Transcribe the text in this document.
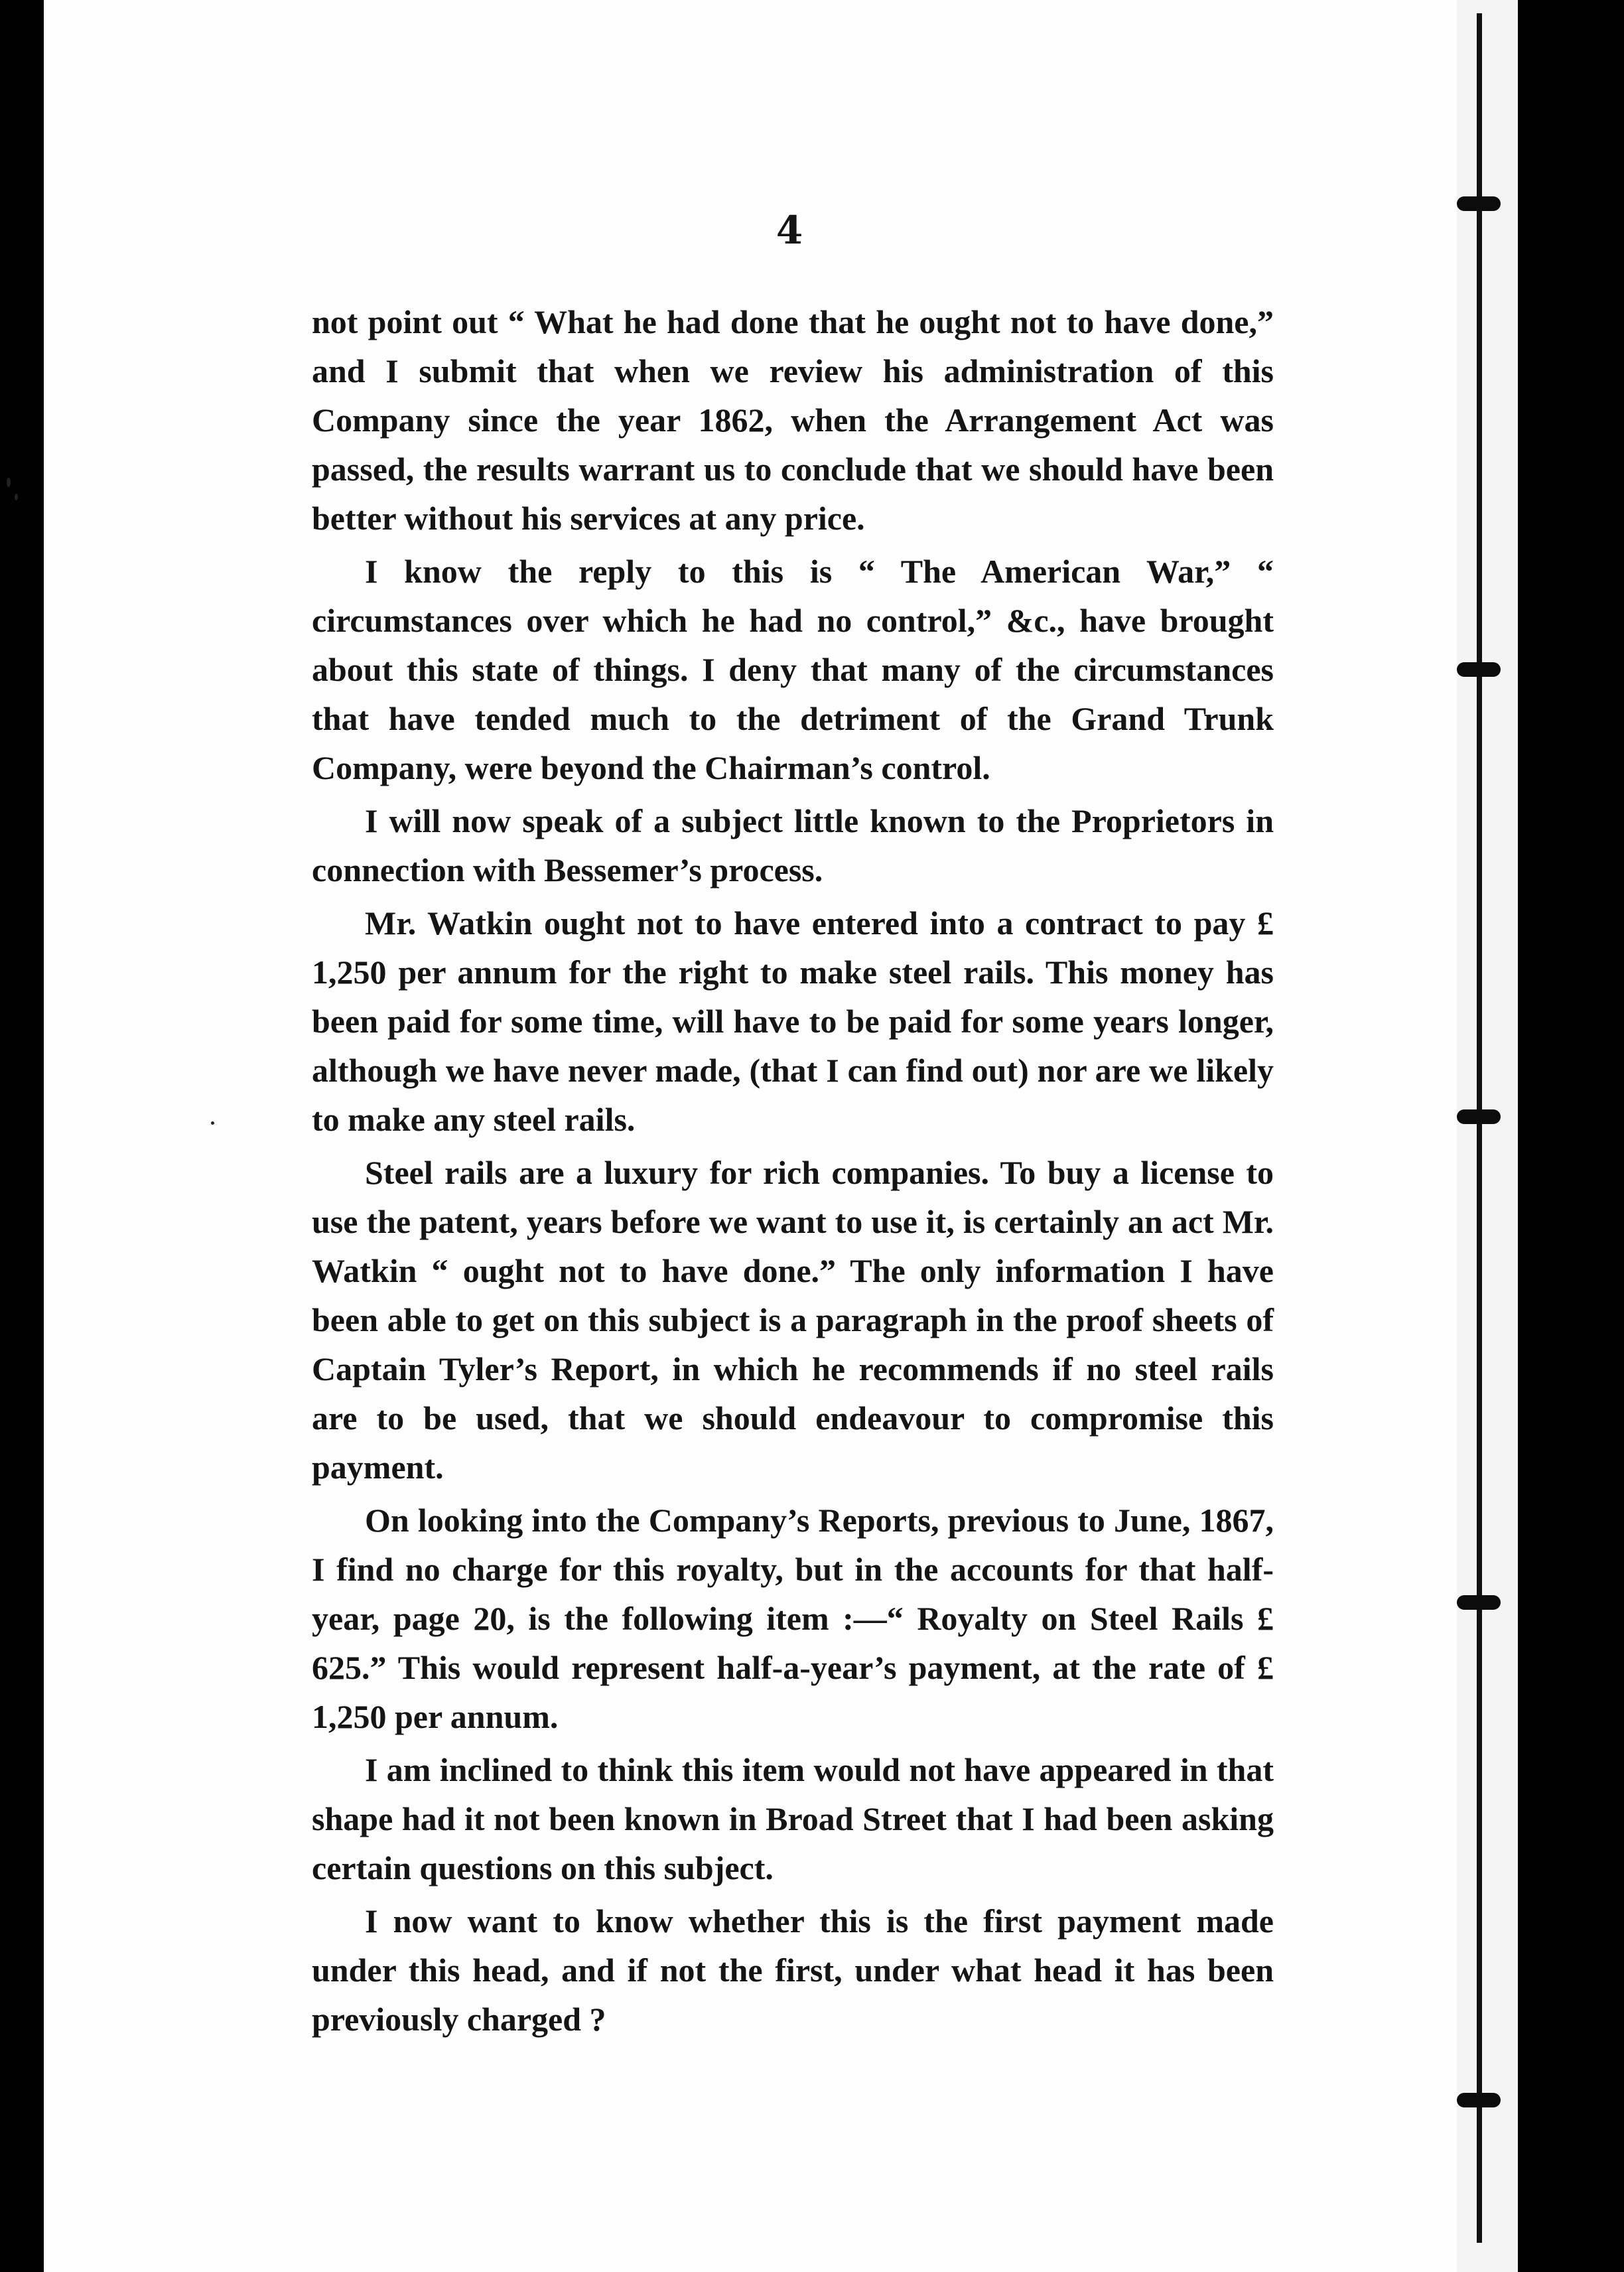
4

not point out “ What he had done that he ought not to have done,” and I submit that when we review his administration of this Company since the year 1862, when the Arrangement Act was passed, the results warrant us to conclude that we should have been better without his services at any price.

I know the reply to this is “ The American War,” “ circumstances over which he had no control,” &c., have brought about this state of things. I deny that many of the circumstances that have tended much to the detriment of the Grand Trunk Company, were beyond the Chairman’s control.

I will now speak of a subject little known to the Proprietors in connection with Bessemer’s process.

Mr. Watkin ought not to have entered into a contract to pay £ 1,250 per annum for the right to make steel rails. This money has been paid for some time, will have to be paid for some years longer, although we have never made, (that I can find out) nor are we likely to make any steel rails.

Steel rails are a luxury for rich companies. To buy a license to use the patent, years before we want to use it, is certainly an act Mr. Watkin “ ought not to have done.” The only information I have been able to get on this subject is a paragraph in the proof sheets of Captain Tyler’s Report, in which he recommends if no steel rails are to be used, that we should endeavour to compromise this payment.

On looking into the Company’s Reports, previous to June, 1867, I find no charge for this royalty, but in the accounts for that half-year, page 20, is the following item :—“ Royalty on Steel Rails £ 625.” This would represent half-a-year’s payment, at the rate of £ 1,250 per annum.

I am inclined to think this item would not have appeared in that shape had it not been known in Broad Street that I had been asking certain questions on this subject.

I now want to know whether this is the first payment made under this head, and if not the first, under what head it has been previously charged ?
